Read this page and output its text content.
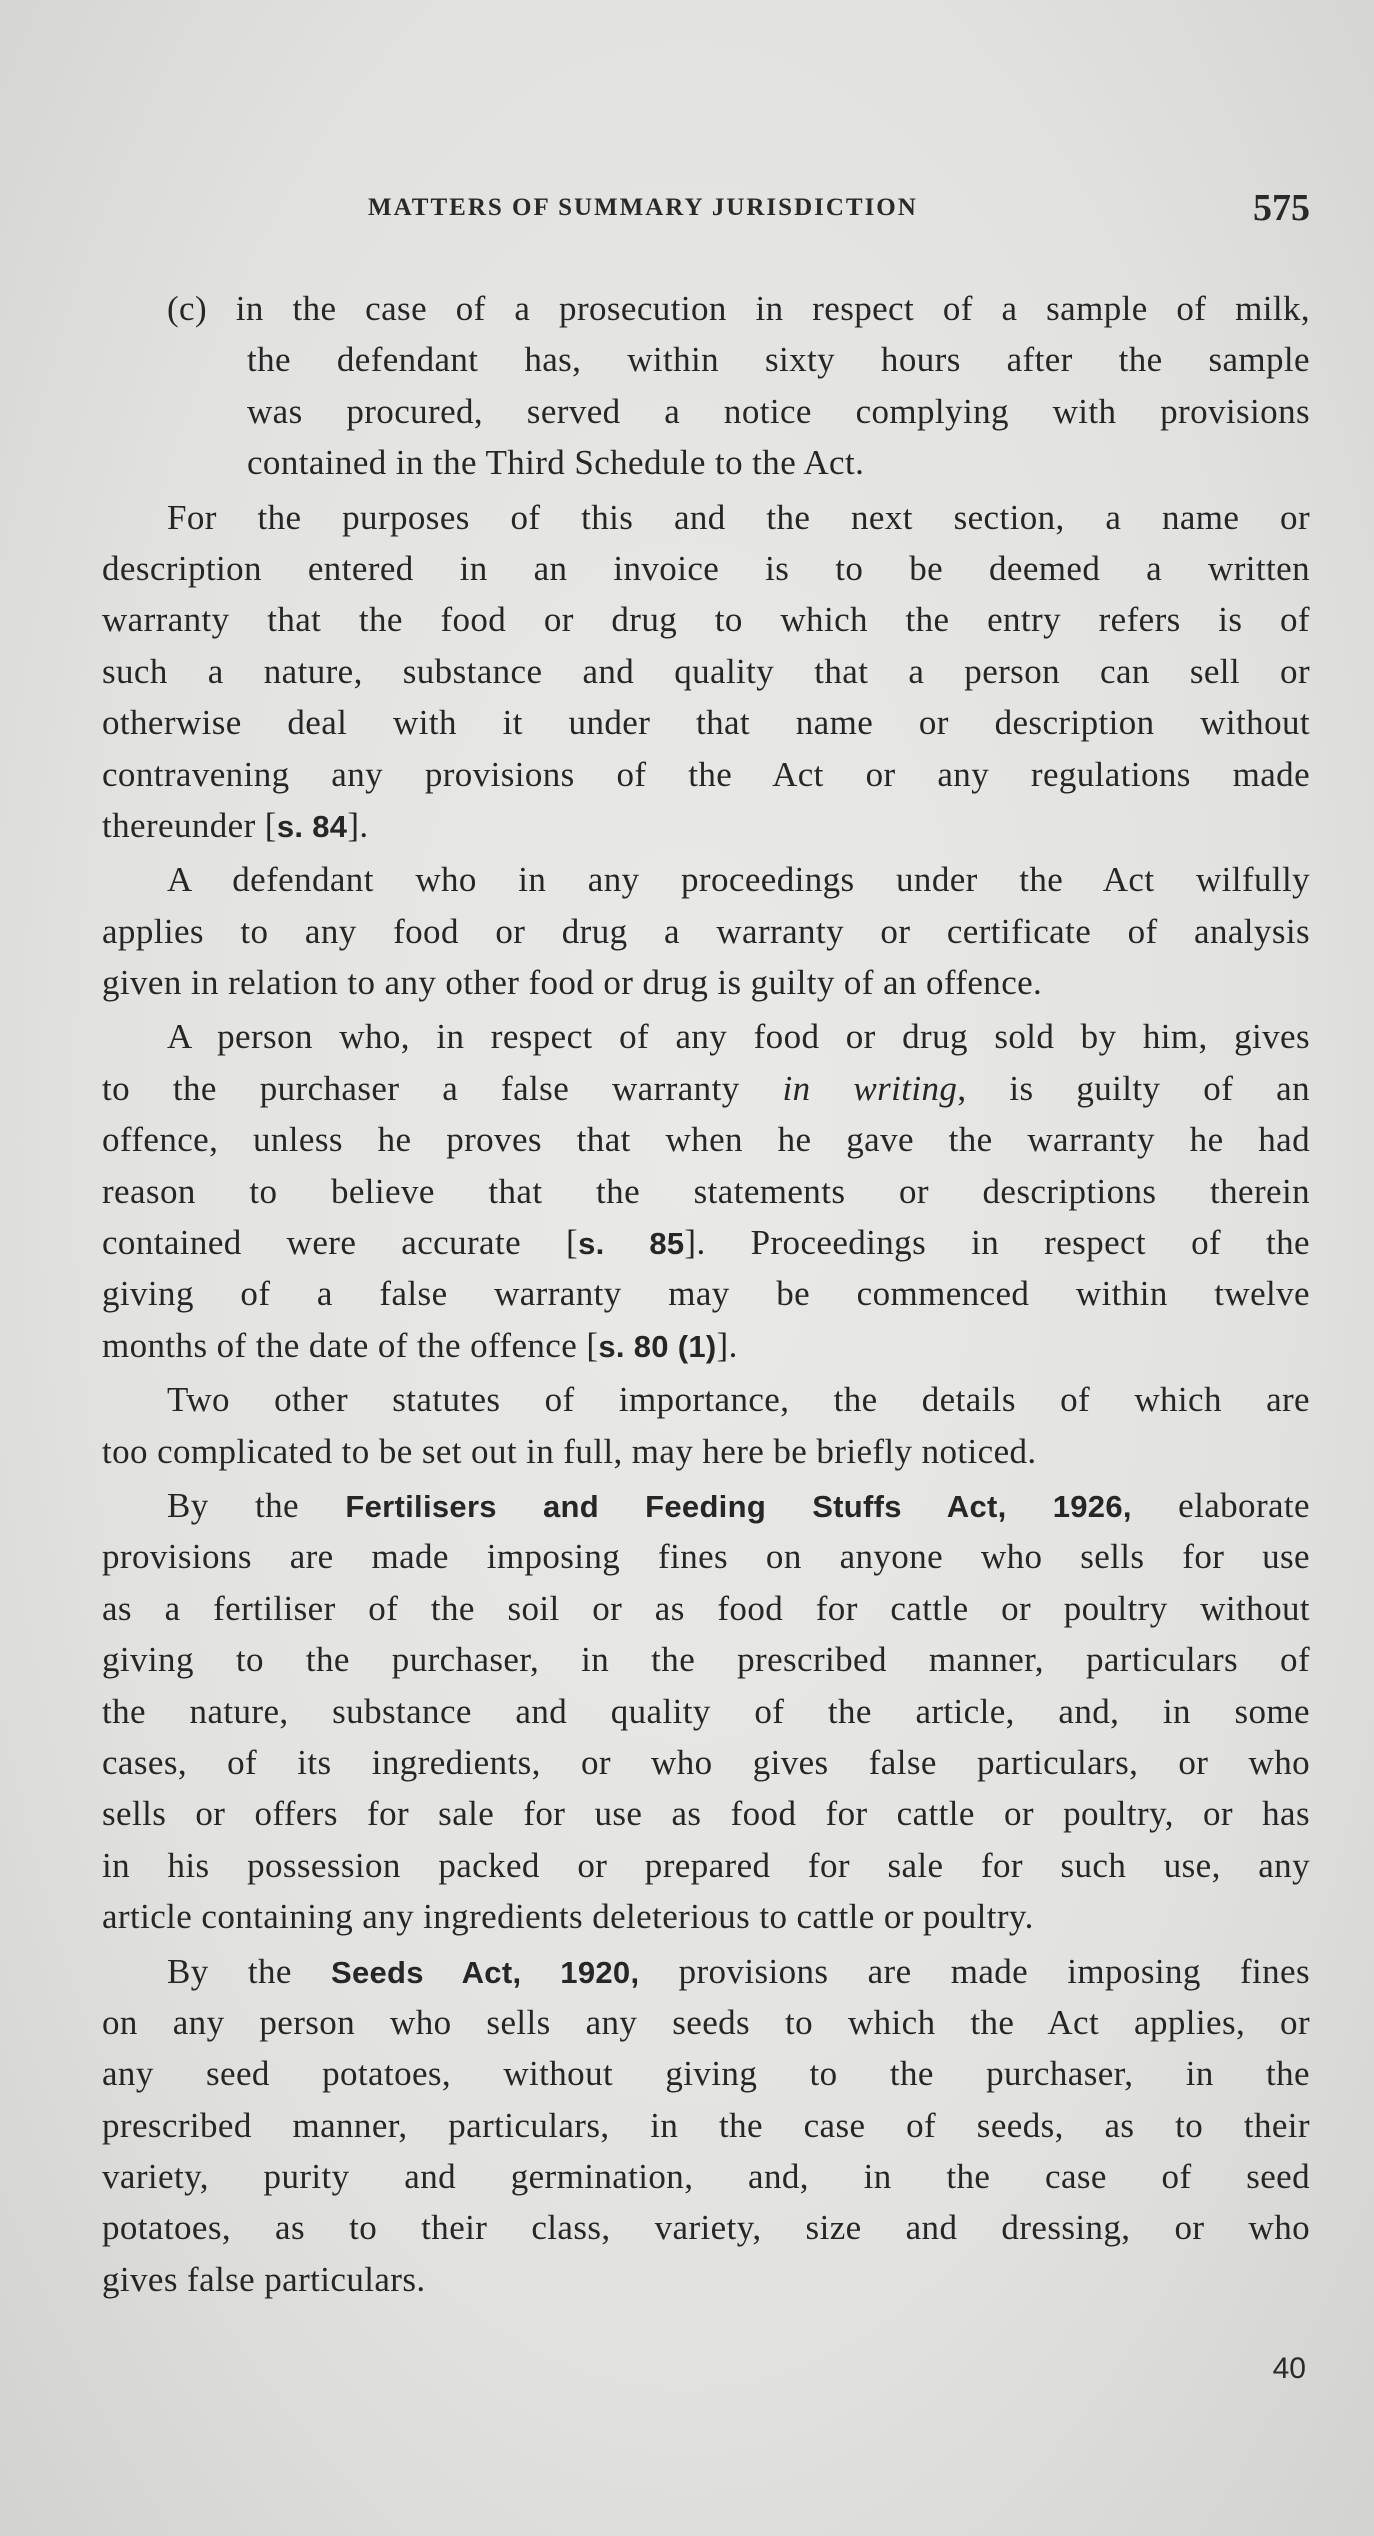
MATTERS OF SUMMARY JURISDICTION	575
(c) in the case of a prosecution in respect of a sample of milk,
the defendant has, within sixty hours after the sample
was procured, served a notice complying with provisions
contained in the Third Schedule to the Act.
For the purposes of this and the next section, a name or
description entered in an invoice is to be deemed a written
warranty that the food or drug to which the entry refers is of
such a nature, substance and quality that a person can sell or
otherwise deal with it under that name or description without
contravening any provisions of the Act or any regulations made
thereunder [s. 84].
A defendant who in any proceedings under the Act wilfully
applies to any food or drug a warranty or certificate of analysis
given in relation to any other food or drug is guilty of an offence.
A person who, in respect of any food or drug sold by him, gives
to the purchaser a false warranty in writing, is guilty of an
offence, unless he proves that when he gave the warranty he had
reason to believe that the statements or descriptions therein
contained were accurate [s. 85]. Proceedings in respect of the
giving of a false warranty may be commenced within twelve
months of the date of the offence [s. 80 (1)].
Two other statutes of importance, the details of which are
too complicated to be set out in full, may here be briefly noticed.
By the Fertilisers and Feeding Stuffs Act, 1926, elaborate
provisions are made imposing fines on anyone who sells for use
as a fertiliser of the soil or as food for cattle or poultry without
giving to the purchaser, in the prescribed manner, particulars of
the nature, substance and quality of the article, and, in some
cases, of its ingredients, or who gives false particulars, or who
sells or offers for sale for use as food for cattle or poultry, or has
in his possession packed or prepared for sale for such use, any
article containing any ingredients deleterious to cattle or poultry.
By the Seeds Act, 1920, provisions are made imposing fines
on any person who sells any seeds to which the Act applies, or
any seed potatoes, without giving to the purchaser, in the
prescribed manner, particulars, in the case of seeds, as to their
variety, purity and germination, and, in the case of seed
potatoes, as to their class, variety, size and dressing, or who
gives false particulars.
40
